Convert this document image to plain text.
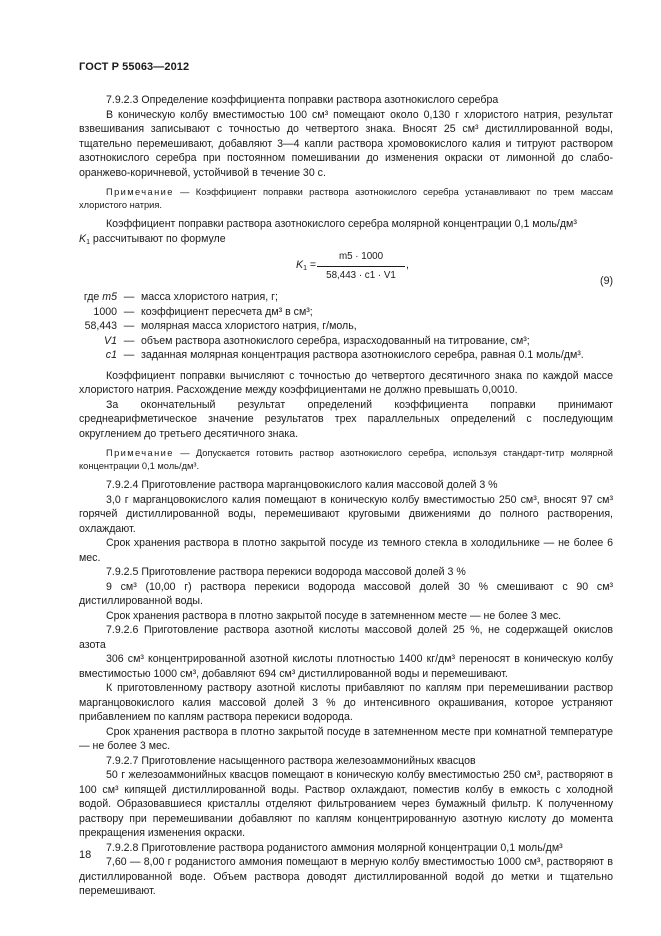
ГОСТ Р 55063—2012

7.9.2.3 Определение коэффициента поправки раствора азотнокислого серебра

В коническую колбу вместимостью 100 см³ помещают около 0,130 г хлористого натрия, результат взвешивания записывают с точностью до четвертого знака. Вносят 25 см³ дистиллированной воды, тщательно перемешивают, добавляют 3—4 капли раствора хромовокислого калия и титруют раствором азотнокислого серебра при постоянном помешивании до изменения окраски от лимонной до слабо-оранжево-коричневой, устойчивой в течение 30 с.

Примечание — Коэффициент поправки раствора азотнокислого серебра устанавливают по трем массам хлористого натрия.

Коэффициент поправки раствора азотнокислого серебра молярной концентрации 0,1 моль/дм³

$K_1$ рассчитывают по формуле

$K_1 = \frac{m5 \cdot 1000}{58,443 \cdot c1 \cdot V1}$ ,
(9)
где m5 — масса хлористого натрия, г;
1000 — коэффициент пересчета дм³ в см³;
58,443 — молярная масса хлористого натрия, г/моль,
V1 — объем раствора азотнокислого серебра, израсходованный на титрование, см³;
c1 — заданная молярная концентрация раствора азотнокислого серебра, равная 0.1 моль/дм³.

Коэффициент поправки вычисляют с точностью до четвертого десятичного знака по каждой массе хлористого натрия. Расхождение между коэффициентами не должно превышать 0,0010.

За окончательный результат определений коэффициента поправки принимают среднеарифметическое значение результатов трех параллельных определений с последующим округлением до третьего десятичного знака.

Примечание — Допускается готовить раствор азотнокислого серебра, используя стандарт-титр молярной концентрации 0,1 моль/дм³.

7.9.2.4 Приготовление раствора марганцовокислого калия массовой долей 3 %

3,0 г марганцовокислого калия помещают в коническую колбу вместимостью 250 см³, вносят 97 см³ горячей дистиллированной воды, перемешивают круговыми движениями до полного растворения, охлаждают.

Срок хранения раствора в плотно закрытой посуде из темного стекла в холодильнике — не более 6 мес.

7.9.2.5 Приготовление раствора перекиси водорода массовой долей 3 %

9 см³ (10,00 г) раствора перекиси водорода массовой долей 30 % смешивают с 90 см³ дистиллированной воды.

Срок хранения раствора в плотно закрытой посуде в затемненном месте — не более 3 мес.

7.9.2.6 Приготовление раствора азотной кислоты массовой долей 25 %, не содержащей окислов азота

306 см³ концентрированной азотной кислоты плотностью 1400 кг/дм³ переносят в коническую колбу вместимостью 1000 см³, добавляют 694 см³ дистиллированной воды и перемешивают.

К приготовленному раствору азотной кислоты прибавляют по каплям при перемешивании раствор марганцовокислого калия массовой долей 3 % до интенсивного окрашивания, которое устраняют прибавлением по каплям раствора перекиси водорода.

Срок хранения раствора в плотно закрытой посуде в затемненном месте при комнатной температуре — не более 3 мес.

7.9.2.7 Приготовление насыщенного раствора железоаммонийных квасцов

50 г железоаммонийных квасцов помещают в коническую колбу вместимостью 250 см³, растворяют в 100 см³ кипящей дистиллированной воды. Раствор охлаждают, поместив колбу в емкость с холодной водой. Образовавшиеся кристаллы отделяют фильтрованием через бумажный фильтр. К полученному раствору при перемешивании добавляют по каплям концентрированную азотную кислоту до момента прекращения изменения окраски.

7.9.2.8 Приготовление раствора роданистого аммония молярной концентрации 0,1 моль/дм³

7,60 — 8,00 г роданистого аммония помещают в мерную колбу вместимостью 1000 см³, растворяют в дистиллированной воде. Объем раствора доводят дистиллированной водой до метки и тщательно перемешивают.

18
